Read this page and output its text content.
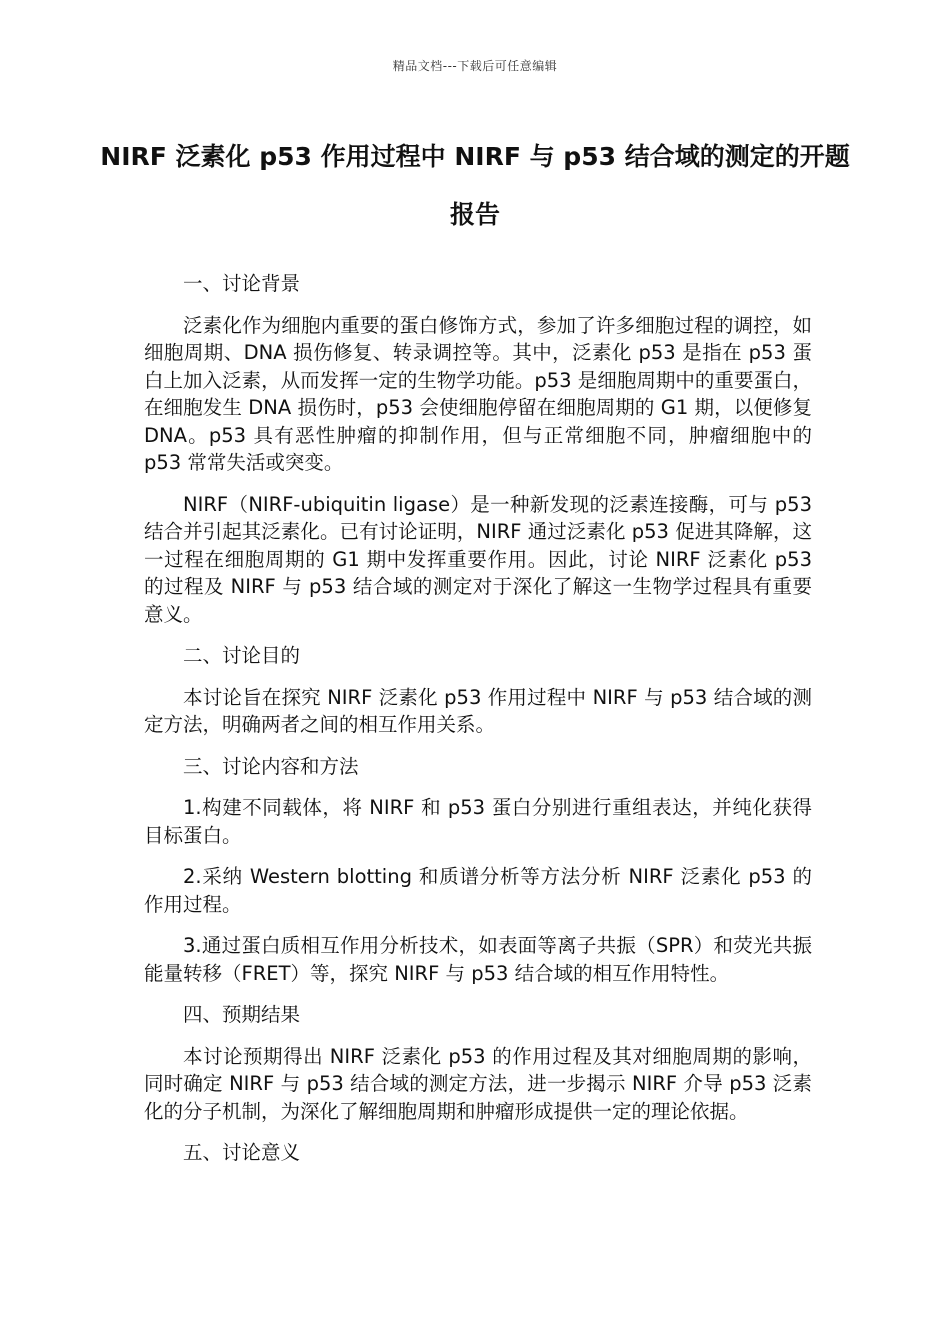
精品文档---下载后可任意编辑
NIRF 泛素化 p53 作用过程中 NIRF 与 p53 结合域的测定的开题报告

一、讨论背景

泛素化作为细胞内重要的蛋白修饰方式，参加了许多细胞过程的调控，如细胞周期、DNA 损伤修复、转录调控等。其中，泛素化 p53 是指在 p53 蛋白上加入泛素，从而发挥一定的生物学功能。p53 是细胞周期中的重要蛋白，在细胞发生 DNA 损伤时，p53 会使细胞停留在细胞周期的 G1 期，以便修复 DNA。p53 具有恶性肿瘤的抑制作用，但与正常细胞不同，肿瘤细胞中的 p53 常常失活或突变。

NIRF（NIRF-ubiquitin ligase）是一种新发现的泛素连接酶，可与 p53 结合并引起其泛素化。已有讨论证明，NIRF 通过泛素化 p53 促进其降解，这一过程在细胞周期的 G1 期中发挥重要作用。因此，讨论 NIRF 泛素化 p53 的过程及 NIRF 与 p53 结合域的测定对于深化了解这一生物学过程具有重要意义。

二、讨论目的

本讨论旨在探究 NIRF 泛素化 p53 作用过程中 NIRF 与 p53 结合域的测定方法，明确两者之间的相互作用关系。

三、讨论内容和方法

1.构建不同载体，将 NIRF 和 p53 蛋白分别进行重组表达，并纯化获得目标蛋白。

2.采纳 Western blotting 和质谱分析等方法分析 NIRF 泛素化 p53 的作用过程。

3.通过蛋白质相互作用分析技术，如表面等离子共振（SPR）和荧光共振能量转移（FRET）等，探究 NIRF 与 p53 结合域的相互作用特性。

四、预期结果

本讨论预期得出 NIRF 泛素化 p53 的作用过程及其对细胞周期的影响，同时确定 NIRF 与 p53 结合域的测定方法，进一步揭示 NIRF 介导 p53 泛素化的分子机制，为深化了解细胞周期和肿瘤形成提供一定的理论依据。

五、讨论意义
